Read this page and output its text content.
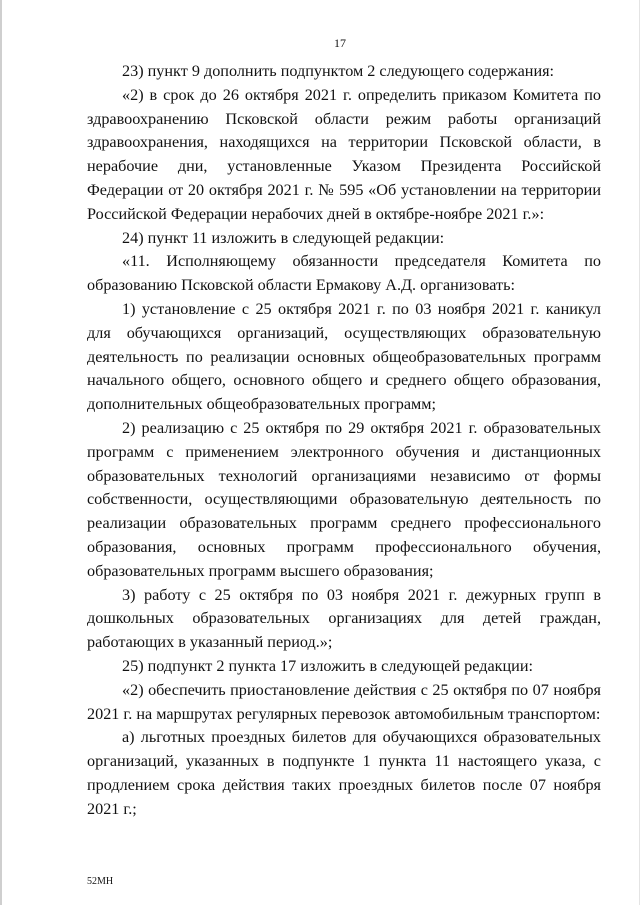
17

23) пункт 9 дополнить подпунктом 2 следующего содержания:

«2) в срок до 26 октября 2021 г. определить приказом Комитета по здравоохранению Псковской области режим работы организаций здравоохранения, находящихся на территории Псковской области, в нерабочие дни, установленные Указом Президента Российской Федерации от 20 октября 2021 г. № 595 «Об установлении на территории Российской Федерации нерабочих дней в октябре-ноябре 2021 г.»:

24) пункт 11 изложить в следующей редакции:

«11. Исполняющему обязанности председателя Комитета по образованию Псковской области Ермакову А.Д. организовать:

1) установление с 25 октября 2021 г. по 03 ноября 2021 г. каникул для обучающихся организаций, осуществляющих образовательную деятельность по реализации основных общеобразовательных программ начального общего, основного общего и среднего общего образования, дополнительных общеобразовательных программ;

2) реализацию с 25 октября по 29 октября 2021 г. образовательных программ с применением электронного обучения и дистанционных образовательных технологий организациями независимо от формы собственности, осуществляющими образовательную деятельность по реализации образовательных программ среднего профессионального образования, основных программ профессионального обучения, образовательных программ высшего образования;

3) работу с 25 октября по 03 ноября 2021 г. дежурных групп в дошкольных образовательных организациях для детей граждан, работающих в указанный период.»;

25) подпункт 2 пункта 17 изложить в следующей редакции:

«2) обеспечить приостановление действия с 25 октября по 07 ноября 2021 г. на маршрутах регулярных перевозок автомобильным транспортом:

а) льготных проездных билетов для обучающихся образовательных организаций, указанных в подпункте 1 пункта 11 настоящего указа, с продлением срока действия таких проездных билетов после 07 ноября 2021 г.;

52МН
